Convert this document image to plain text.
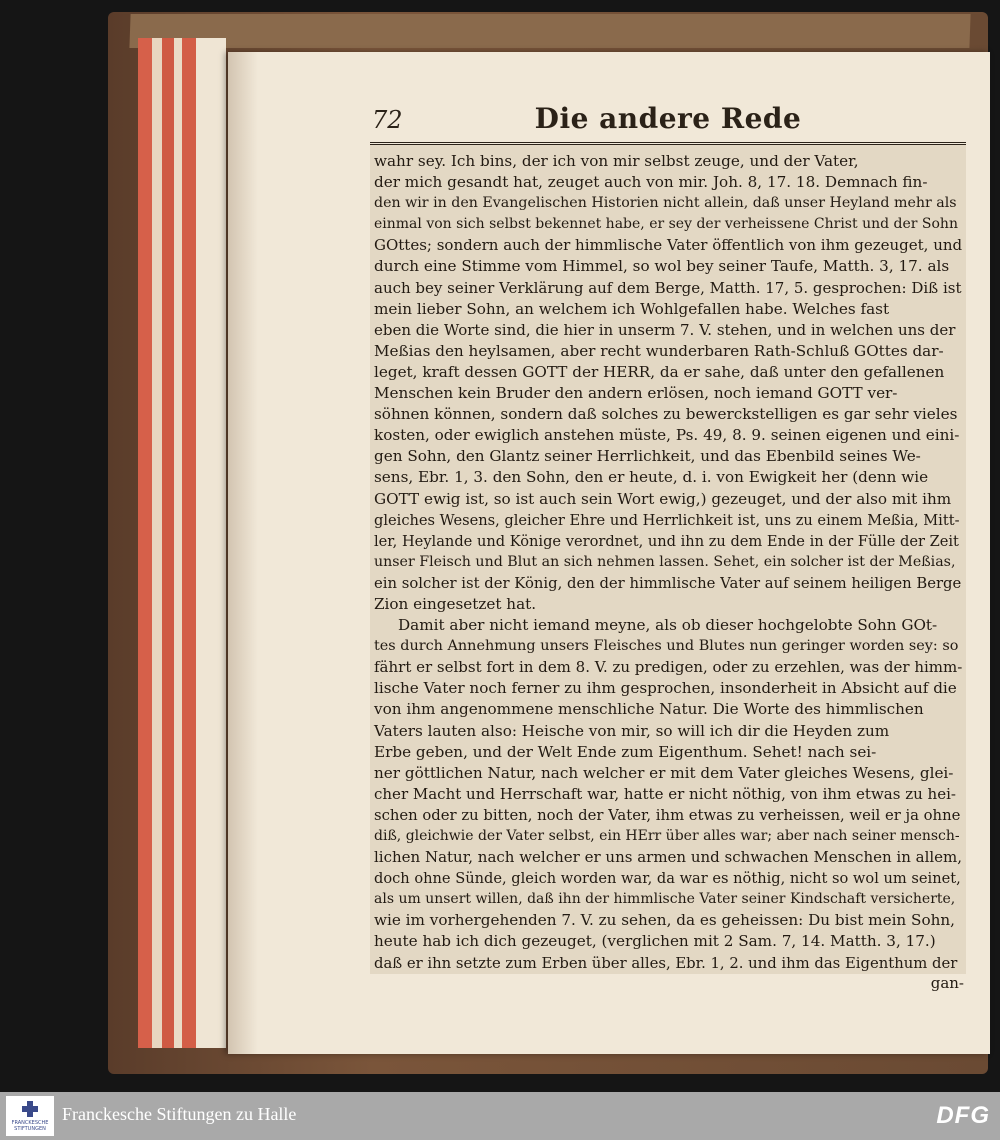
72	Die andere Rede
wahr sey. Ich bins, der ich von mir selbst zeuge, und der Vater,
der mich gesandt hat, zeuget auch von mir. Joh. 8, 17. 18. Demnach fin-
den wir in den Evangelischen Historien nicht allein, daß unser Heyland mehr als
einmal von sich selbst bekennet habe, er sey der verheissene Christ und der Sohn
GOttes; sondern auch der himmlische Vater öffentlich von ihm gezeuget, und
durch eine Stimme vom Himmel, so wol bey seiner Taufe, Matth. 3, 17. als
auch bey seiner Verklärung auf dem Berge, Matth. 17, 5. gesprochen: Diß ist
mein lieber Sohn, an welchem ich Wohlgefallen habe. Welches fast
eben die Worte sind, die hier in unserm 7. V. stehen, und in welchen uns der
Meßias den heylsamen, aber recht wunderbaren Rath-Schluß GOttes dar-
leget, kraft dessen GOTT der HERR, da er sahe, daß unter den gefallenen
Menschen kein Bruder den andern erlösen, noch iemand GOTT ver-
söhnen können, sondern daß solches zu bewerckstelligen es gar sehr vieles
kosten, oder ewiglich anstehen müste, Ps. 49, 8. 9. seinen eigenen und eini-
gen Sohn, den Glantz seiner Herrlichkeit, und das Ebenbild seines We-
sens, Ebr. 1, 3. den Sohn, den er heute, d. i. von Ewigkeit her (denn wie
GOTT ewig ist, so ist auch sein Wort ewig,) gezeuget, und der also mit ihm
gleiches Wesens, gleicher Ehre und Herrlichkeit ist, uns zu einem Meßia, Mitt-
ler, Heylande und Könige verordnet, und ihn zu dem Ende in der Fülle der Zeit
unser Fleisch und Blut an sich nehmen lassen. Sehet, ein solcher ist der Meßias,
ein solcher ist der König, den der himmlische Vater auf seinem heiligen Berge
Zion eingesetzet hat.
Damit aber nicht iemand meyne, als ob dieser hochgelobte Sohn GOt-
tes durch Annehmung unsers Fleisches und Blutes nun geringer worden sey: so
fährt er selbst fort in dem 8. V. zu predigen, oder zu erzehlen, was der himm-
lische Vater noch ferner zu ihm gesprochen, insonderheit in Absicht auf die
von ihm angenommene menschliche Natur. Die Worte des himmlischen
Vaters lauten also: Heische von mir, so will ich dir die Heyden zum
Erbe geben, und der Welt Ende zum Eigenthum. Sehet! nach sei-
ner göttlichen Natur, nach welcher er mit dem Vater gleiches Wesens, glei-
cher Macht und Herrschaft war, hatte er nicht nöthig, von ihm etwas zu hei-
schen oder zu bitten, noch der Vater, ihm etwas zu verheissen, weil er ja ohne
diß, gleichwie der Vater selbst, ein HErr über alles war; aber nach seiner mensch-
lichen Natur, nach welcher er uns armen und schwachen Menschen in allem,
doch ohne Sünde, gleich worden war, da war es nöthig, nicht so wol um seinet,
als um unsert willen, daß ihn der himmlische Vater seiner Kindschaft versicherte,
wie im vorhergehenden 7. V. zu sehen, da es geheissen: Du bist mein Sohn,
heute hab ich dich gezeuget, (verglichen mit 2 Sam. 7, 14. Matth. 3, 17.)
daß er ihn setzte zum Erben über alles, Ebr. 1, 2. und ihm das Eigenthum der
gan-
FRANCKESCHE STIFTUNGEN
Franckesche Stiftungen zu Halle	DFG
